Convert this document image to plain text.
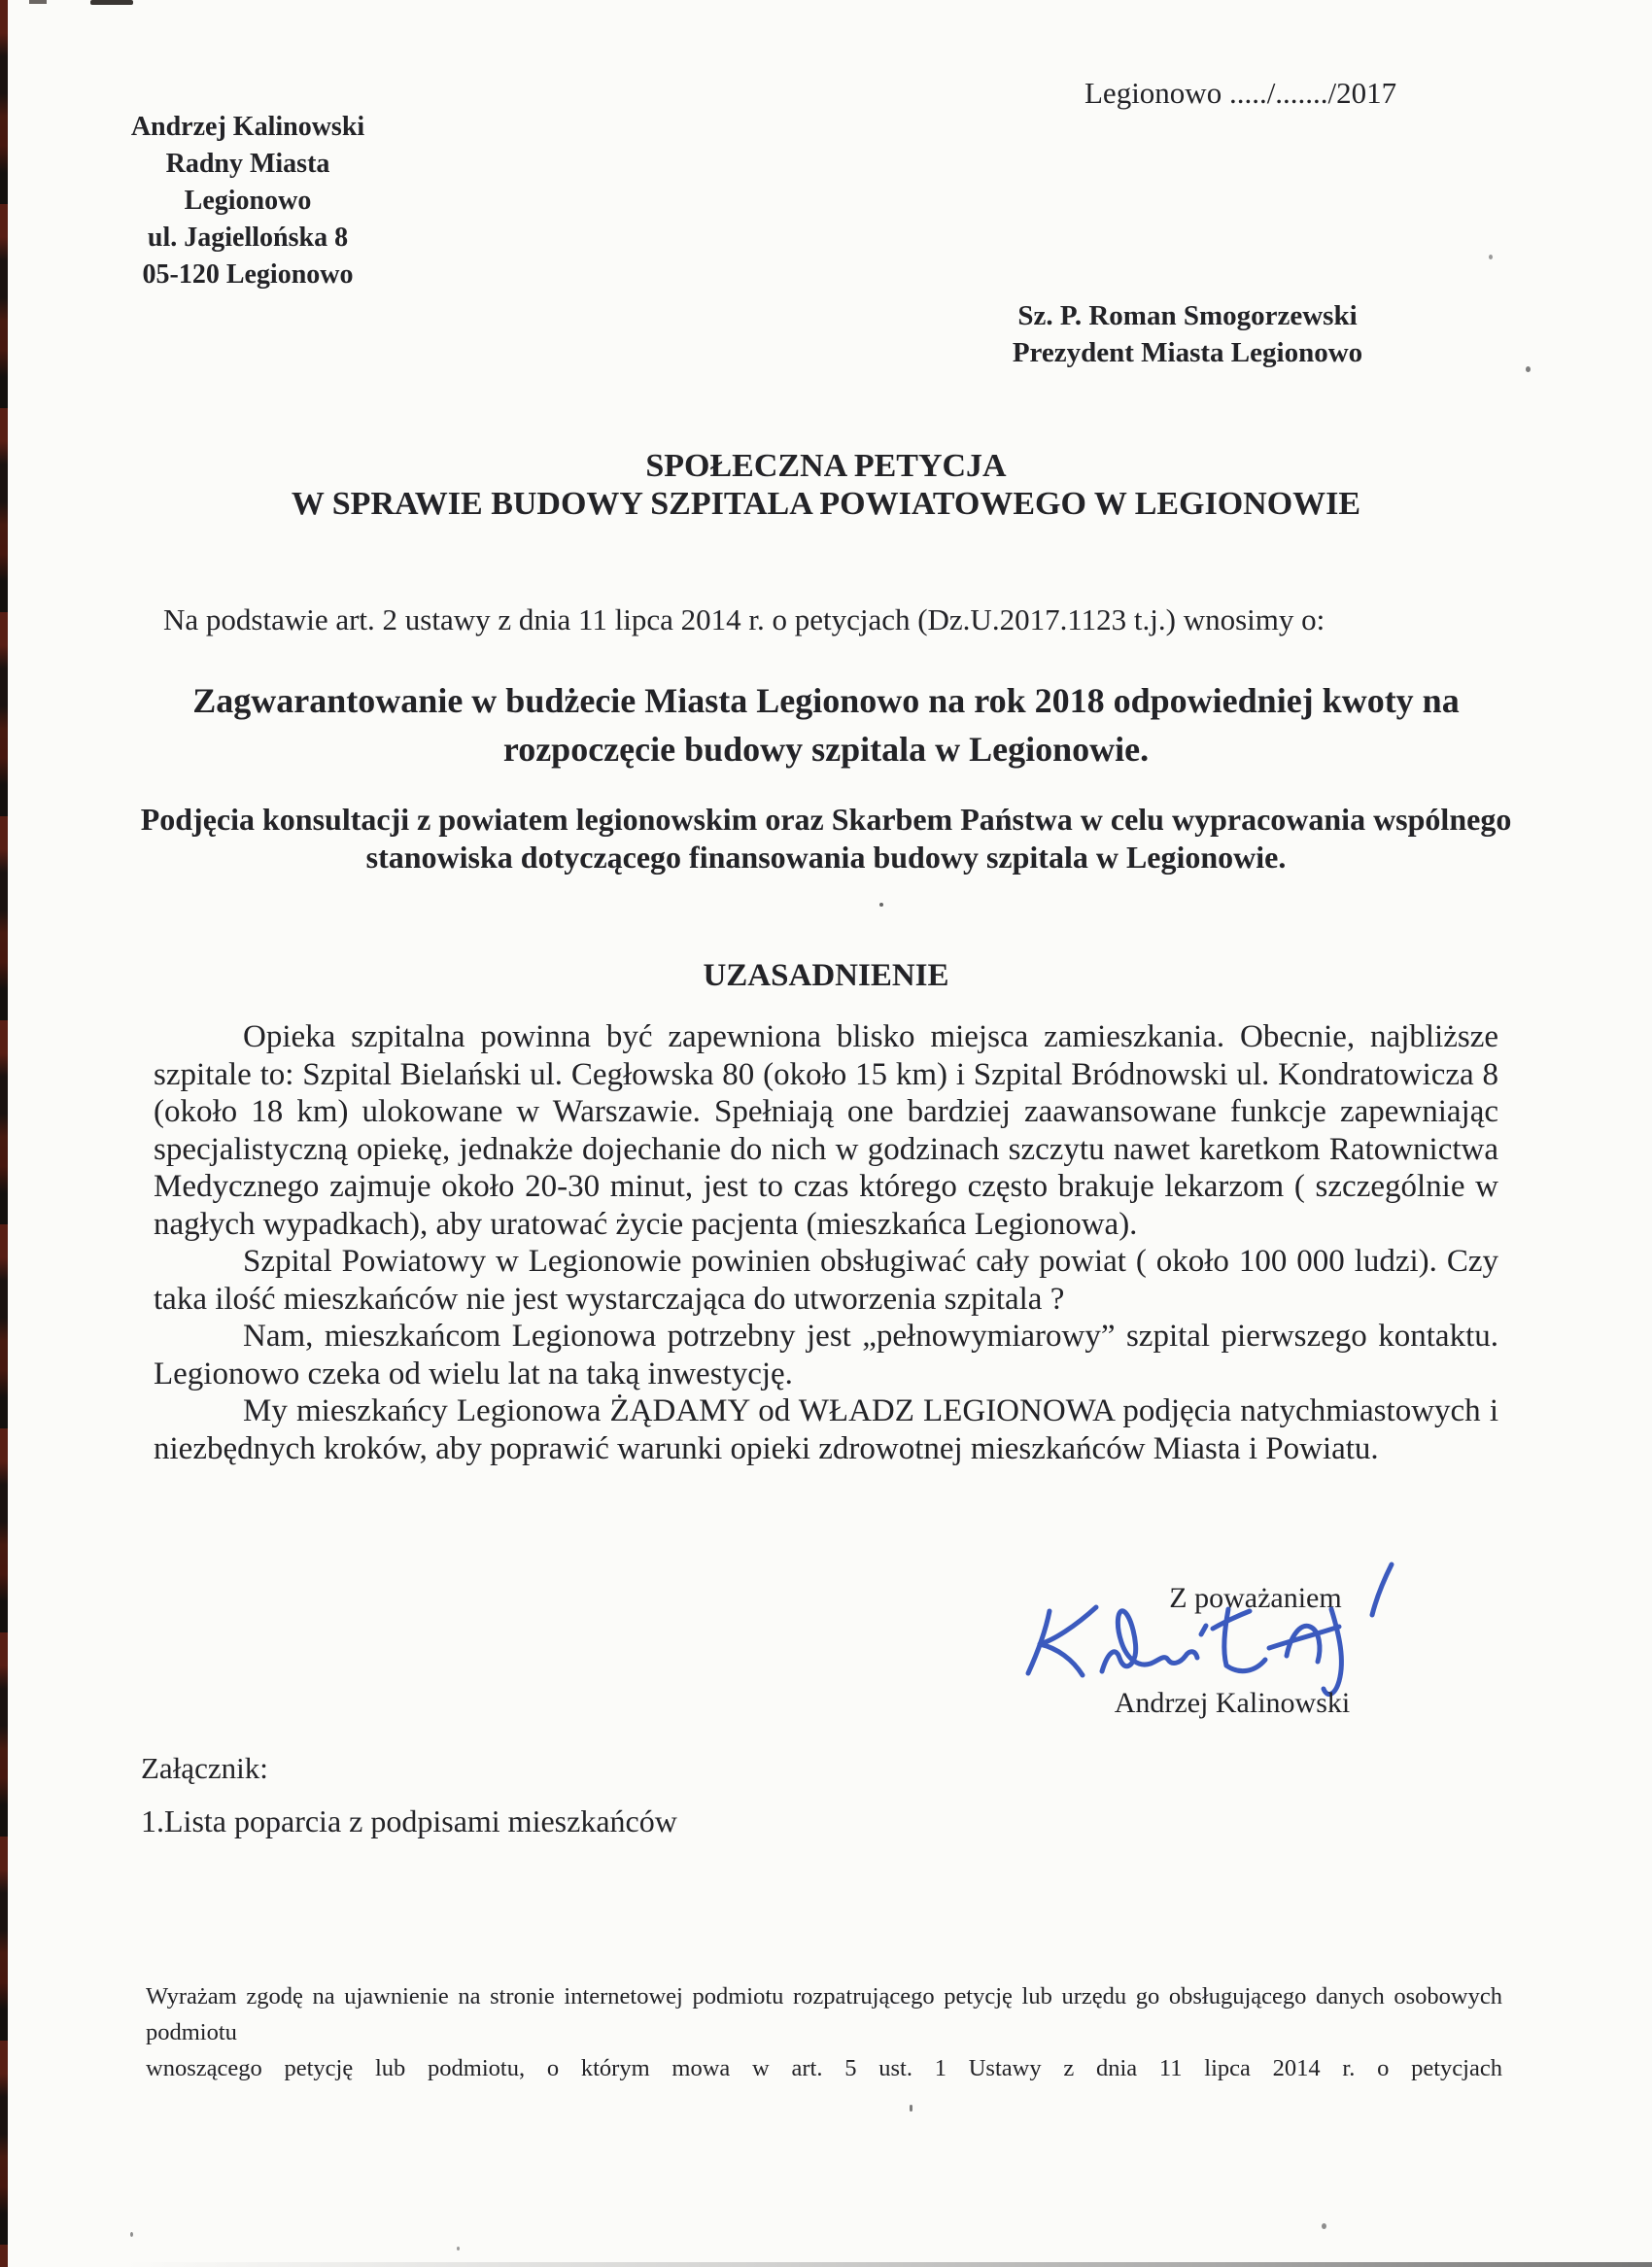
Legionowo ...../......./2017
Andrzej Kalinowski
Radny Miasta
Legionowo
ul. Jagiellońska 8
05-120 Legionowo
Sz. P. Roman Smogorzewski
Prezydent Miasta Legionowo
SPOŁECZNA PETYCJA
W SPRAWIE BUDOWY SZPITALA POWIATOWEGO W LEGIONOWIE
Na podstawie art. 2 ustawy z dnia 11 lipca 2014 r. o petycjach (Dz.U.2017.1123 t.j.) wnosimy o:
Zagwarantowanie w budżecie Miasta Legionowo na rok 2018 odpowiedniej kwoty na rozpoczęcie budowy szpitala w Legionowie.
Podjęcia konsultacji z powiatem legionowskim oraz Skarbem Państwa w celu wypracowania wspólnego stanowiska dotyczącego finansowania budowy szpitala w Legionowie.
UZASADNIENIE

Opieka szpitalna powinna być zapewniona blisko miejsca zamieszkania. Obecnie, najbliższe szpitale to: Szpital Bielański ul. Cegłowska 80 (około 15 km) i Szpital Bródnowski ul. Kondratowicza 8 (około 18 km) ulokowane w Warszawie. Spełniają one bardziej zaawansowane funkcje zapewniając specjalistyczną opiekę, jednakże dojechanie do nich w godzinach szczytu nawet karetkom Ratownictwa Medycznego zajmuje około 20-30 minut, jest to czas którego często brakuje lekarzom ( szczególnie w nagłych wypadkach), aby uratować życie pacjenta (mieszkańca Legionowa).

Szpital Powiatowy w Legionowie powinien obsługiwać cały powiat ( około 100 000 ludzi). Czy taka ilość mieszkańców nie jest wystarczająca do utworzenia szpitala ?

Nam, mieszkańcom Legionowa potrzebny jest „pełnowymiarowy” szpital pierwszego kontaktu. Legionowo czeka od wielu lat na taką inwestycję.

My mieszkańcy Legionowa ŻĄDAMY od WŁADZ LEGIONOWA podjęcia natychmiastowych i niezbędnych kroków, aby poprawić warunki opieki zdrowotnej mieszkańców Miasta i Powiatu.

Z poważaniem
Andrzej Kalinowski
Załącznik:
1.Lista poparcia z podpisami mieszkańców
Wyrażam zgodę na ujawnienie na stronie internetowej podmiotu rozpatrującego petycję lub urzędu go obsługującego danych osobowych podmiotu
wnoszącego petycję lub podmiotu, o którym mowa w art. 5 ust. 1 Ustawy z dnia 11 lipca 2014 r. o petycjach
